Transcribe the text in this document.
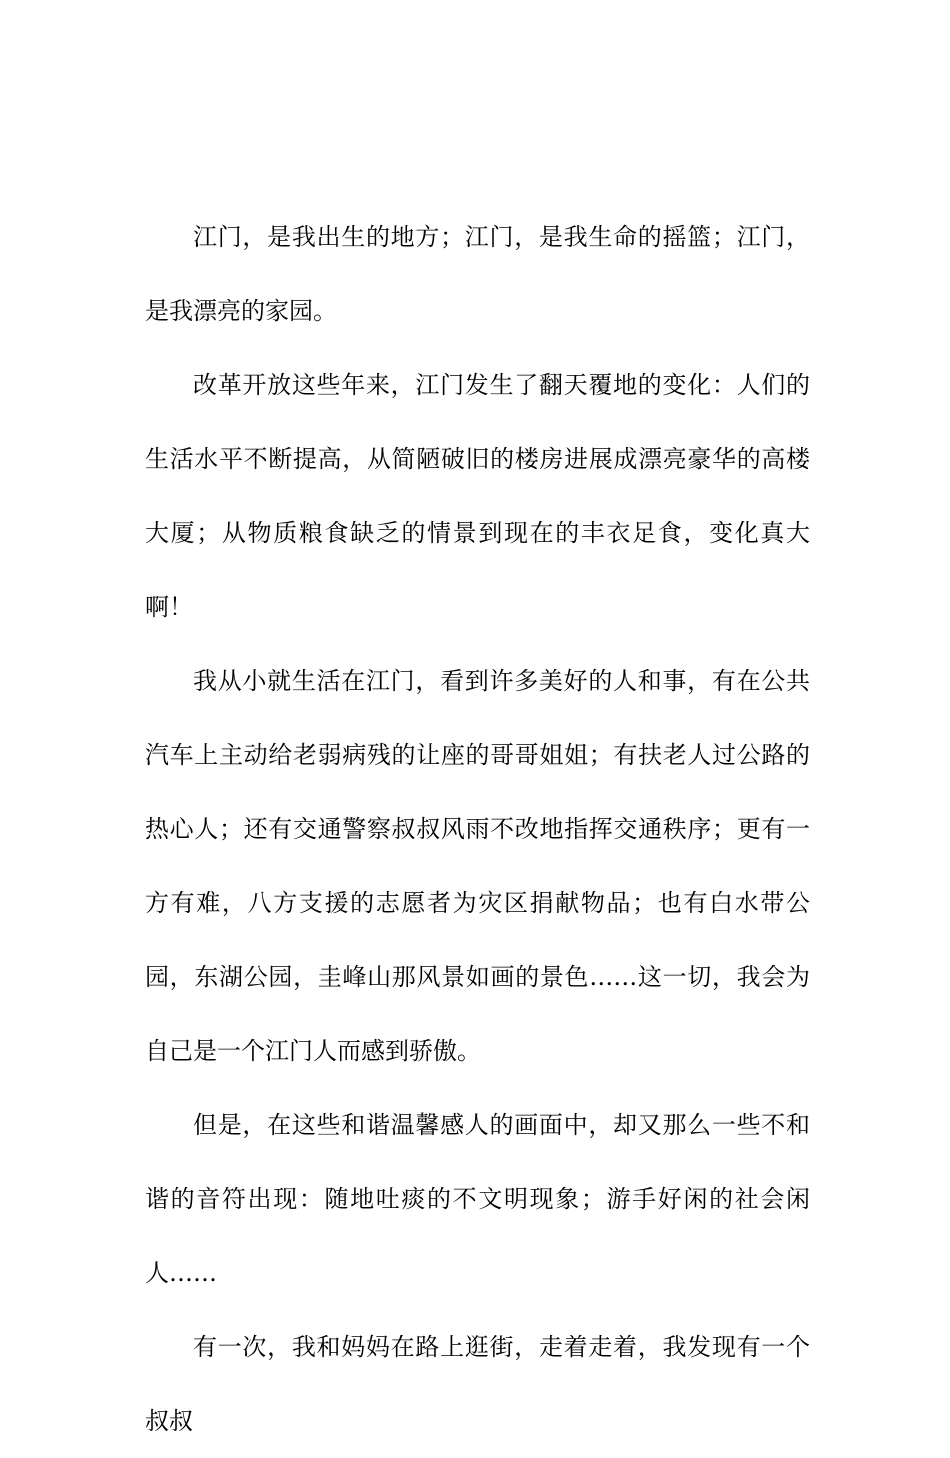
江门，是我出生的地方；江门，是我生命的摇篮；江门，是我漂亮的家园。

改革开放这些年来，江门发生了翻天覆地的变化：人们的生活水平不断提高，从简陋破旧的楼房进展成漂亮豪华的高楼大厦；从物质粮食缺乏的情景到现在的丰衣足食，变化真大啊！

我从小就生活在江门，看到许多美好的人和事，有在公共汽车上主动给老弱病残的让座的哥哥姐姐；有扶老人过公路的热心人；还有交通警察叔叔风雨不改地指挥交通秩序；更有一方有难，八方支援的志愿者为灾区捐献物品；也有白水带公园，东湖公园，圭峰山那风景如画的景色……这一切，我会为自己是一个江门人而感到骄傲。

但是，在这些和谐温馨感人的画面中，却又那么一些不和谐的音符出现：随地吐痰的不文明现象；游手好闲的社会闲人……

有一次，我和妈妈在路上逛街，走着走着，我发现有一个叔叔
